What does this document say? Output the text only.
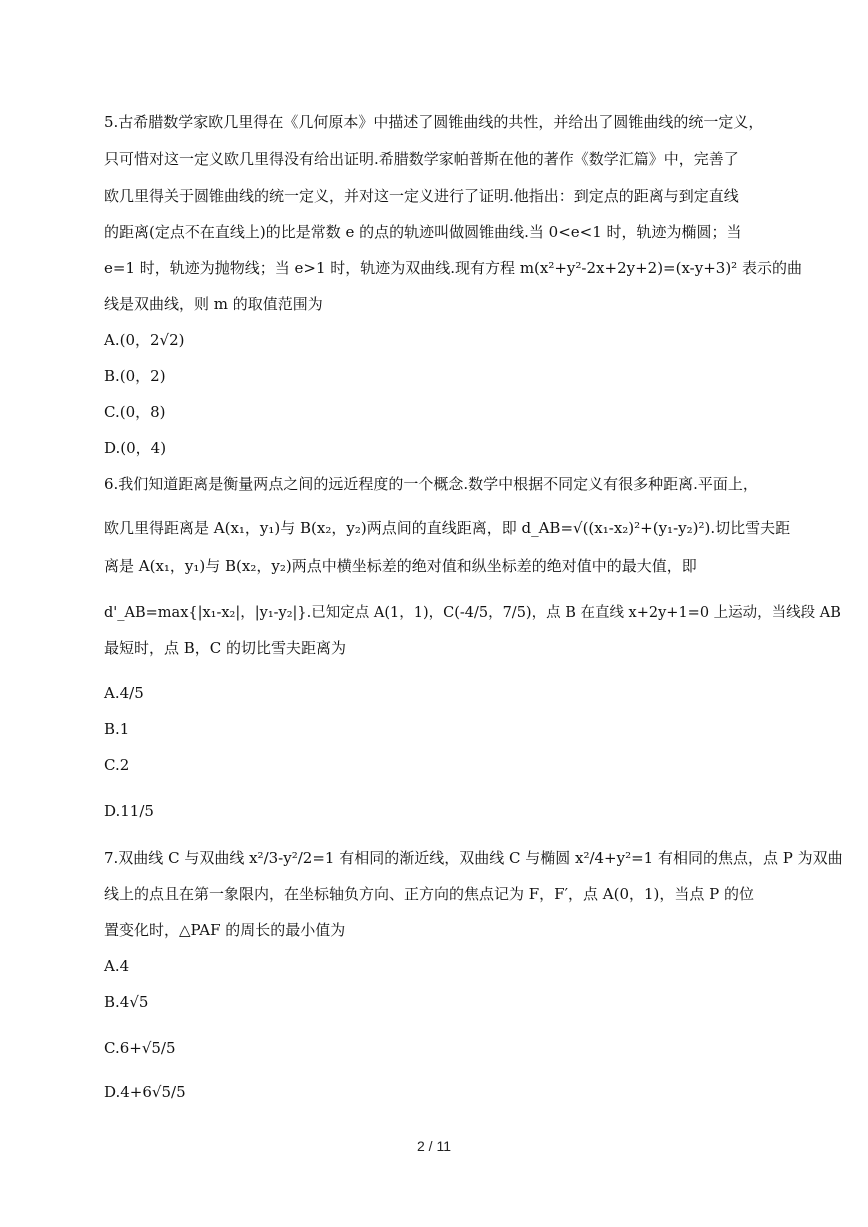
5.古希腊数学家欧几里得在《几何原本》中描述了圆锥曲线的共性，并给出了圆锥曲线的统一定义，
只可惜对这一定义欧几里得没有给出证明.希腊数学家帕普斯在他的著作《数学汇篇》中，完善了
欧几里得关于圆锥曲线的统一定义，并对这一定义进行了证明.他指出：到定点的距离与到定直线
的距离(定点不在直线上)的比是常数 e 的点的轨迹叫做圆锥曲线.当 0<e<1 时，轨迹为椭圆；当
e=1 时，轨迹为抛物线；当 e>1 时，轨迹为双曲线.现有方程 m(x²+y²-2x+2y+2)=(x-y+3)² 表示的曲
线是双曲线，则 m 的取值范围为
A.(0，2√2)
B.(0，2)
C.(0，8)
D.(0，4)
6.我们知道距离是衡量两点之间的远近程度的一个概念.数学中根据不同定义有很多种距离.平面上，
欧几里得距离是 A(x₁，y₁)与 B(x₂，y₂)两点间的直线距离，即 d_AB=√((x₁-x₂)²+(y₁-y₂)²).切比雪夫距
离是 A(x₁，y₁)与 B(x₂，y₂)两点中横坐标差的绝对值和纵坐标差的绝对值中的最大值，即
d'_AB=max{|x₁-x₂|，|y₁-y₂|}.已知定点 A(1，1)，C(-4/5，7/5)，点 B 在直线 x+2y+1=0 上运动，当线段 AB
最短时，点 B，C 的切比雪夫距离为
A.4/5
B.1
C.2
D.11/5
7.双曲线 C 与双曲线 x²/3-y²/2=1 有相同的渐近线，双曲线 C 与椭圆 x²/4+y²=1 有相同的焦点，点 P 为双曲
线上的点且在第一象限内，在坐标轴负方向、正方向的焦点记为 F，F′，点 A(0，1)，当点 P 的位
置变化时，△PAF 的周长的最小值为
A.4
B.4√5
C.6+√5/5
D.4+6√5/5
2 / 11
